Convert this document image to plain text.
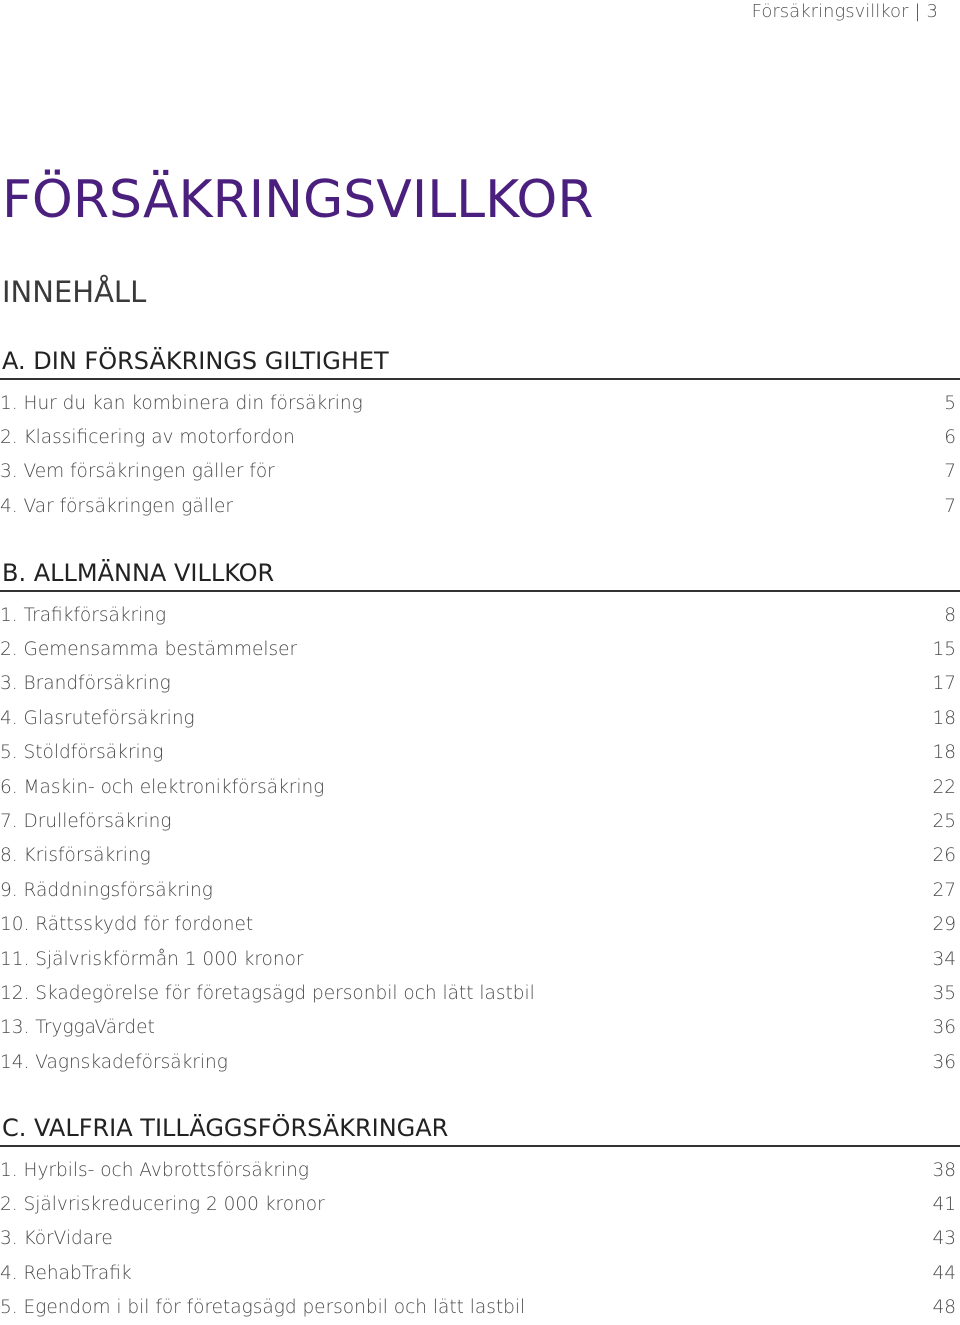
Försäkringsvillkor | 3
FÖRSÄKRINGSVILLKOR
INNEHÅLL
A. DIN FÖRSÄKRINGS GILTIGHET
1. Hur du kan kombinera din försäkring	5
2. Klassificering av motorfordon	6
3. Vem försäkringen gäller för	7
4. Var försäkringen gäller	7
B. ALLMÄNNA VILLKOR
1. Trafikförsäkring	8
2. Gemensamma bestämmelser	15
3. Brandförsäkring	17
4. Glasruteförsäkring	18
5. Stöldförsäkring	18
6. Maskin- och elektronikförsäkring	22
7. Drulleförsäkring	25
8. Krisförsäkring	26
9. Räddningsförsäkring	27
10. Rättsskydd för fordonet	29
11. Självriskförmån 1 000 kronor	34
12. Skadegörelse för företagsägd personbil och lätt lastbil	35
13. TryggaVärdet	36
14. Vagnskadeförsäkring	36
C. VALFRIA TILLÄGGSFÖRSÄKRINGAR
1. Hyrbils- och Avbrottsförsäkring	38
2. Självriskreducering 2 000 kronor	41
3. KörVidare	43
4. RehabTrafik	44
5. Egendom i bil för företagsägd personbil och lätt lastbil	48
